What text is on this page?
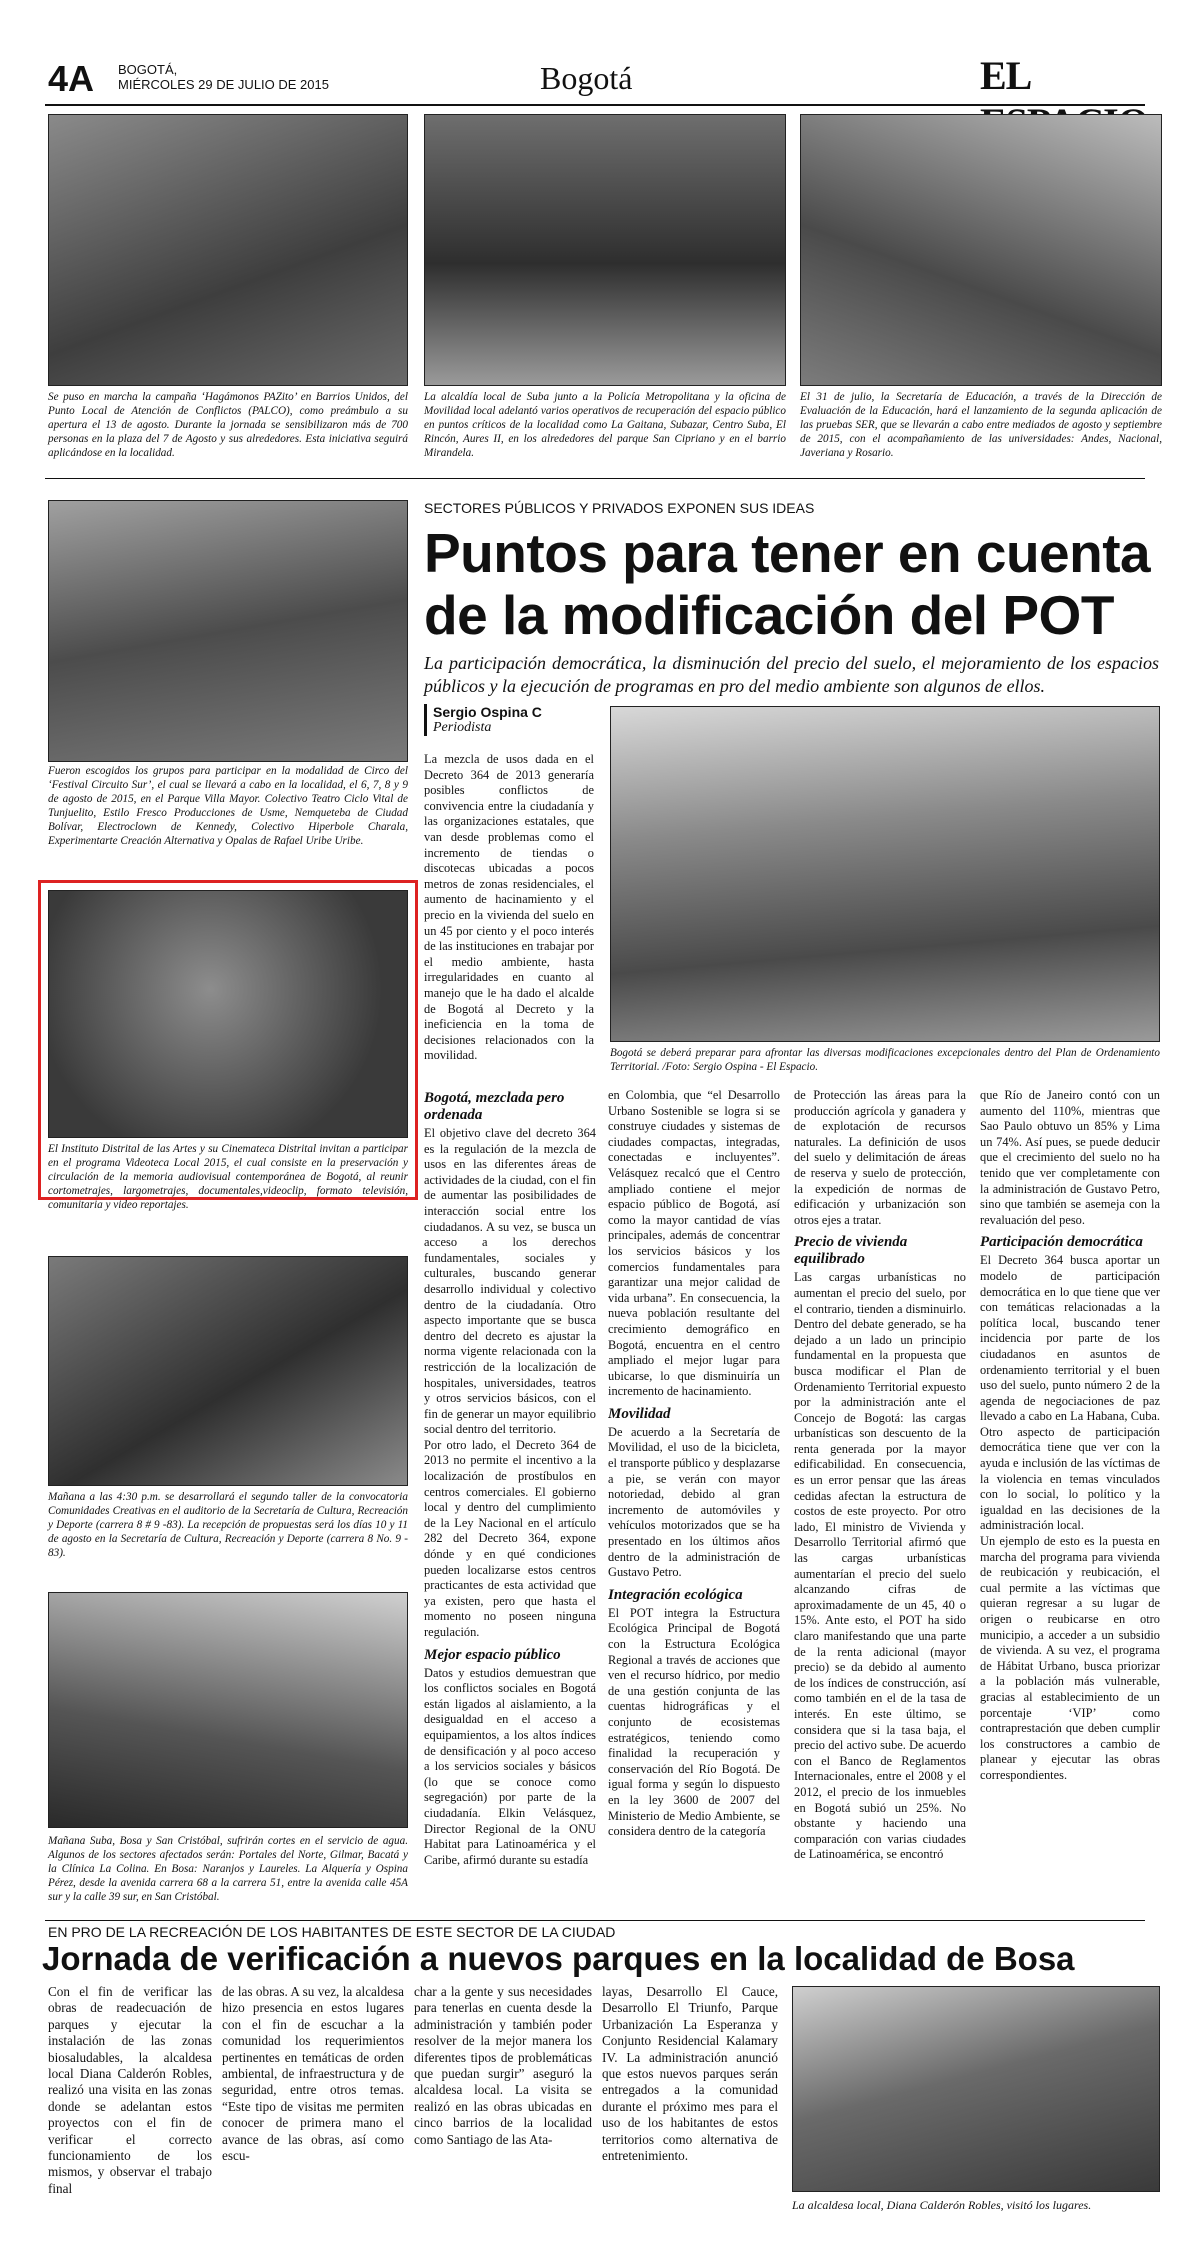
4A BOGOTÁ,
MIÉRCOLES 29 DE JULIO DE 2015	Bogotá	EL
Se puso en marcha la campaña ‘Hagámonos PAZito’ en Barrios Unidos, del Punto Local de Atención de Conflictos (PALCO), como preámbulo a su apertura el 13 de agosto. Durante la jornada se sensibilizaron más de 700 personas en la plaza del 7 de Agosto y sus alrededores. Esta iniciativa seguirá aplicándose en la localidad.
La alcaldía local de Suba junto a la Policía Metropolitana y la oficina de Movilidad local adelantó varios operativos de recuperación del espacio público en puntos críticos de la localidad como La Gaitana, Subazar, Centro Suba, El Rincón, Aures II, en los alrededores del parque San Cipriano y en el barrio Mirandela.
El 31 de julio, la Secretaría de Educación, a través de la Dirección de Evaluación de la Educación, hará el lanzamiento de la segunda aplicación de las pruebas SER, que se llevarán a cabo entre mediados de agosto y septiembre de 2015, con el acompañamiento de las universidades: Andes, Nacional, Javeriana y Rosario.
Fueron escogidos los grupos para participar en la modalidad de Circo del ‘Festival Circuito Sur’, el cual se llevará a cabo en la localidad, el 6, 7, 8 y 9 de agosto de 2015, en el Parque Villa Mayor. Colectivo Teatro Ciclo Vital de Tunjuelito, Estilo Fresco Producciones de Usme, Nemqueteba de Ciudad Bolívar, Electroclown de Kennedy, Colectivo Hiperbole Charala, Experimentarte Creación Alternativa y Opalas de Rafael Uribe Uribe.
El Instituto Distrital de las Artes y su Cinemateca Distrital invitan a participar en el programa Videoteca Local 2015, el cual consiste en la preservación y circulación de la memoria audiovisual contemporánea de Bogotá, al reunir cortometrajes, largometrajes, documentales,videoclip, formato televisión, comunitaria y video reportajes.
Mañana a las 4:30 p.m. se desarrollará el segundo taller de la convocatoria Comunidades Creativas en el auditorio de la Secretaría de Cultura, Recreación y Deporte (carrera 8 # 9 -83). La recepción de propuestas será los días 10 y 11 de agosto en la Secretaría de Cultura, Recreación y Deporte (carrera 8 No. 9 - 83).
Mañana Suba, Bosa y San Cristóbal, sufrirán cortes en el servicio de agua. Algunos de los sectores afectados serán: Portales del Norte, Gilmar, Bacatá y la Clínica La Colina. En Bosa: Naranjos y Laureles. La Alquería y Ospina Pérez, desde la avenida carrera 68 a la carrera 51, entre la avenida calle 45A sur y la calle 39 sur, en San Cristóbal.
SECTORES PÚBLICOS Y PRIVADOS EXPONEN SUS IDEAS
Puntos para tener en cuenta
de la modificación del POT
La participación democrática, la disminución del precio del suelo, el mejoramiento de los espacios públicos y la ejecución de programas en pro del medio ambiente son algunos de ellos.
Sergio Ospina C
Periodista

La mezcla de usos dada en el Decreto 364 de 2013 generaría posibles conflictos de convivencia entre la ciudadanía y las organizaciones estatales, que van desde problemas como el incremento de tiendas o discotecas ubicadas a pocos metros de zonas residenciales, el aumento de hacinamiento y el precio en la vivienda del suelo en un 45 por ciento y el poco interés de las instituciones en trabajar por el medio ambiente, hasta irregularidades en cuanto al manejo que le ha dado el alcalde de Bogotá al Decreto y la ineficiencia en la toma de decisiones relacionados con la movilidad.	Bogotá se deberá preparar para afrontar las diversas modificaciones excepcionales dentro del Plan de Ordenamiento Territorial. /Foto: Sergio Ospina - El Espacio.
Bogotá, mezclada pero ordenada

El objetivo clave del decreto 364 es la regulación de la mezcla de usos en las diferentes áreas de actividades de la ciudad, con el fin de aumentar las posibilidades de interacción social entre los ciudadanos. A su vez, se busca un acceso a los derechos fundamentales, sociales y culturales, buscando generar desarrollo individual y colectivo dentro de la ciudadanía. Otro aspecto importante que se busca dentro del decreto es ajustar la norma vigente relacionada con la restricción de la localización de hospitales, universidades, teatros y otros servicios básicos, con el fin de generar un mayor equilibrio social dentro del territorio.

Por otro lado, el Decreto 364 de 2013 no permite el incentivo a la localización de prostíbulos en centros comerciales. El gobierno local y dentro del cumplimiento de la Ley Nacional en el artículo 282 del Decreto 364, expone dónde y en qué condiciones pueden localizarse estos centros practicantes de esta actividad que ya existen, pero que hasta el momento no poseen ninguna regulación.

Mejor espacio público

Datos y estudios demuestran que los conflictos sociales en Bogotá están ligados al aislamiento, a la desigualdad en el acceso a equipamientos, a los altos índices de densificación y al poco acceso a los servicios sociales y básicos (lo que se conoce como segregación) por parte de la ciudadanía. Elkin Velásquez, Director Regional de la ONU Habitat para Latinoamérica y el Caribe, afirmó durante su estadía

en Colombia, que “el Desarrollo Urbano Sostenible se logra si se construye ciudades y sistemas de ciudades compactas, integradas, conectadas e incluyentes”. Velásquez recalcó que el Centro ampliado contiene el mejor espacio público de Bogotá, así como la mayor cantidad de vías principales, además de concentrar los servicios básicos y los comercios fundamentales para garantizar una mejor calidad de vida urbana”. En consecuencia, la nueva población resultante del crecimiento demográfico en Bogotá, encuentra en el centro ampliado el mejor lugar para ubicarse, lo que disminuiría un incremento de hacinamiento.

Movilidad

De acuerdo a la Secretaría de Movilidad, el uso de la bicicleta, el transporte público y desplazarse a pie, se verán con mayor notoriedad, debido al gran incremento de automóviles y vehículos motorizados que se ha presentado en los últimos años dentro de la administración de Gustavo Petro.

Integración ecológica

El POT integra la Estructura Ecológica Principal de Bogotá con la Estructura Ecológica Regional a través de acciones que ven el recurso hídrico, por medio de una gestión conjunta de las cuentas hidrográficas y el conjunto de ecosistemas estratégicos, teniendo como finalidad la recuperación y conservación del Río Bogotá. De igual forma y según lo dispuesto en la ley 3600 de 2007 del Ministerio de Medio Ambiente, se considera dentro de la categoría

de Protección las áreas para la producción agrícola y ganadera y de explotación de recursos naturales. La definición de usos del suelo y delimitación de áreas de reserva y suelo de protección, la expedición de normas de edificación y urbanización son otros ejes a tratar.

Precio de vivienda equilibrado

Las cargas urbanísticas no aumentan el precio del suelo, por el contrario, tienden a disminuirlo. Dentro del debate generado, se ha dejado a un lado un principio fundamental en la propuesta que busca modificar el Plan de Ordenamiento Territorial expuesto por la administración ante el Concejo de Bogotá: las cargas urbanísticas son descuento de la renta generada por la mayor edificabilidad. En consecuencia, es un error pensar que las áreas cedidas afectan la estructura de costos de este proyecto. Por otro lado, El ministro de Vivienda y Desarrollo Territorial afirmó que las cargas urbanísticas aumentarían el precio del suelo alcanzando cifras de aproximadamente de un 45, 40 o 15%. Ante esto, el POT ha sido claro manifestando que una parte de la renta adicional (mayor precio) se da debido al aumento de los índices de construcción, así como también en el de la tasa de interés. En este último, se considera que si la tasa baja, el precio del activo sube. De acuerdo con el Banco de Reglamentos Internacionales, entre el 2008 y el 2012, el precio de los inmuebles en Bogotá subió un 25%. No obstante y haciendo una comparación con varias ciudades de Latinoamérica, se encontró

que Río de Janeiro contó con un aumento del 110%, mientras que Sao Paulo obtuvo un 85% y Lima un 74%. Así pues, se puede deducir que el crecimiento del suelo no ha tenido que ver completamente con la administración de Gustavo Petro, sino que también se asemeja con la revaluación del peso.

Participación democrática

El Decreto 364 busca aportar un modelo de participación democrática en lo que tiene que ver con temáticas relacionadas a la política local, buscando tener incidencia por parte de los ciudadanos en asuntos de ordenamiento territorial y el buen uso del suelo, punto número 2 de la agenda de negociaciones de paz llevado a cabo en La Habana, Cuba. Otro aspecto de participación democrática tiene que ver con la ayuda e inclusión de las víctimas de la violencia en temas vinculados con lo social, lo político y la igualdad en las decisiones de la administración local.

Un ejemplo de esto es la puesta en marcha del programa para vivienda de reubicación y reubicación, el cual permite a las víctimas que quieran regresar a su lugar de origen o reubicarse en otro municipio, a acceder a un subsidio de vivienda. A su vez, el programa de Hábitat Urbano, busca priorizar a la población más vulnerable, gracias al establecimiento de un porcentaje ‘VIP’ como contraprestación que deben cumplir los constructores a cambio de planear y ejecutar las obras correspondientes.

EN PRO DE LA RECREACIÓN DE LOS HABITANTES DE ESTE SECTOR DE LA CIUDAD
Jornada de verificación a nuevos parques en la localidad de Bosa

Con el fin de verificar las obras de readecuación de parques y ejecutar la instalación de las zonas biosaludables, la alcaldesa local Diana Calderón Robles, realizó una visita en las zonas donde se adelantan estos proyectos con el fin de verificar el correcto funcionamiento de los mismos, y observar el trabajo final

de las obras. A su vez, la alcaldesa hizo presencia en estos lugares con el fin de escuchar a la comunidad los requerimientos pertinentes en temáticas de orden ambiental, de infraestructura y de seguridad, entre otros temas. “Este tipo de visitas me permiten conocer de primera mano el avance de las obras, así como escu-

char a la gente y sus necesidades para tenerlas en cuenta desde la administración y también poder resolver de la mejor manera los diferentes tipos de problemáticas que puedan surgir” aseguró la alcaldesa local. La visita se realizó en las obras ubicadas en cinco barrios de la localidad como Santiago de las Ata-

layas, Desarrollo El Cauce, Desarrollo El Triunfo, Parque Urbanización La Esperanza y Conjunto Residencial Kalamary IV. La administración anunció que estos nuevos parques serán entregados a la comunidad durante el próximo mes para el uso de los habitantes de estos territorios como alternativa de entretenimiento.

La alcaldesa local, Diana Calderón Robles, visitó los lugares.
